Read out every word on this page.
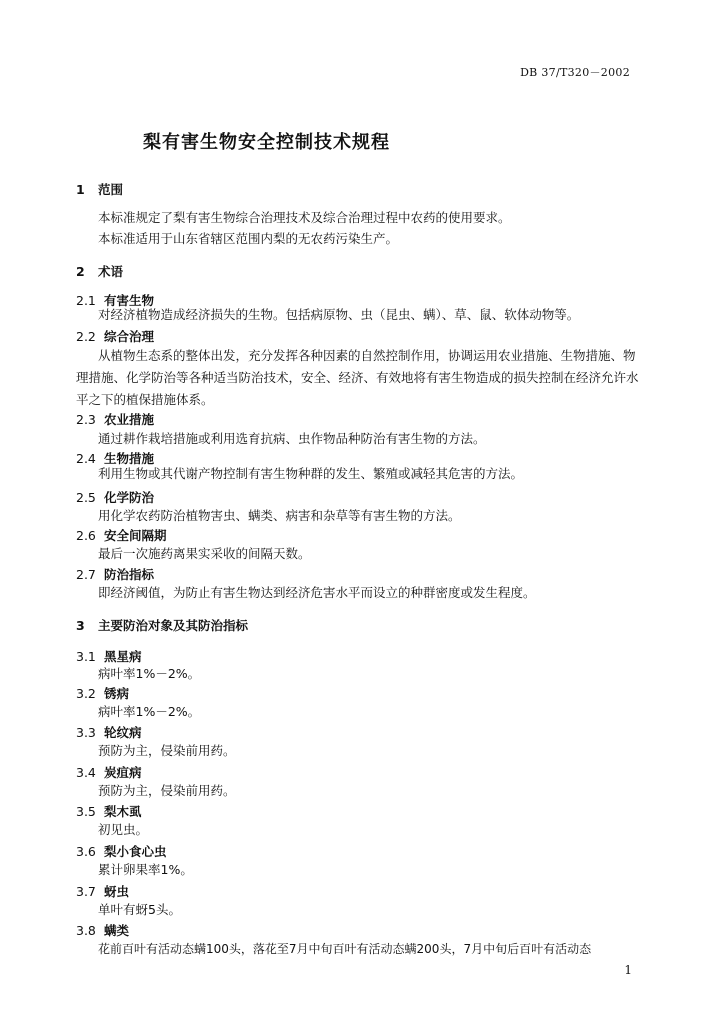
DB 37/T320－2002
梨有害生物安全控制技术规程
1 范围
本标准规定了梨有害生物综合治理技术及综合治理过程中农药的使用要求。
本标准适用于山东省辖区范围内梨的无农药污染生产。
2 术语
2.1 有害生物
对经济植物造成经济损失的生物。包括病原物、虫（昆虫、螨）、草、鼠、软体动物等。
2.2 综合治理
从植物生态系的整体出发，充分发挥各种因素的自然控制作用，协调运用农业措施、生物措施、物理措施、化学防治等各种适当防治技术，安全、经济、有效地将有害生物造成的损失控制在经济允许水平之下的植保措施体系。
2.3 农业措施
通过耕作栽培措施或利用选育抗病、虫作物品种防治有害生物的方法。
2.4 生物措施
利用生物或其代谢产物控制有害生物种群的发生、繁殖或减轻其危害的方法。
2.5 化学防治
用化学农药防治植物害虫、螨类、病害和杂草等有害生物的方法。
2.6 安全间隔期
最后一次施药离果实采收的间隔天数。
2.7 防治指标
即经济阈值，为防止有害生物达到经济危害水平而设立的种群密度或发生程度。
3 主要防治对象及其防治指标
3.1 黑星病
病叶率1%－2%。
3.2 锈病
病叶率1%－2%。
3.3 轮纹病
预防为主，侵染前用药。
3.4 炭疽病
预防为主，侵染前用药。
3.5 梨木虱
初见虫。
3.6 梨小食心虫
累计卵果率1%。
3.7 蚜虫
单叶有蚜5头。
3.8 螨类
花前百叶有活动态螨100头，落花至7月中旬百叶有活动态螨200头，7月中旬后百叶有活动态
1
